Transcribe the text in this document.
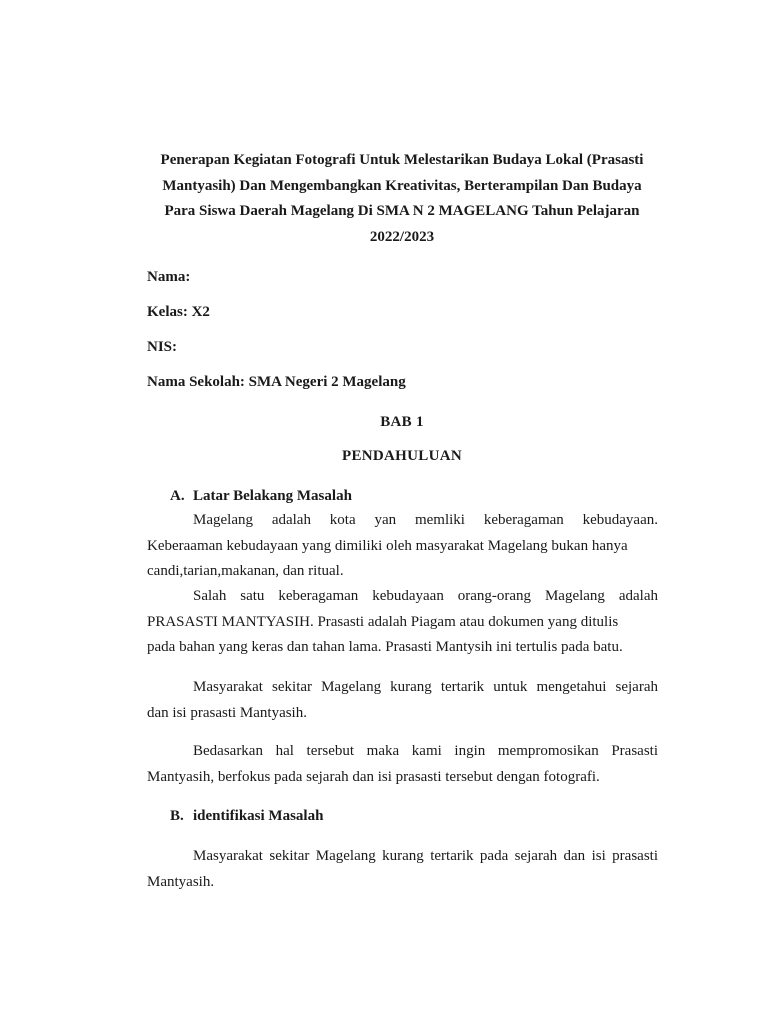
Penerapan Kegiatan Fotografi Untuk Melestarikan Budaya Lokal (Prasasti
Mantyasih) Dan Mengembangkan Kreativitas, Berterampilan Dan Budaya
Para Siswa Daerah Magelang Di SMA N 2 MAGELANG Tahun Pelajaran
2022/2023
Nama:
Kelas: X2
NIS:
Nama Sekolah: SMA Negeri 2 Magelang
BAB 1
PENDAHULUAN
A. Latar Belakang Masalah
Magelang adalah kota yan memliki keberagaman kebudayaan.
Keberaaman kebudayaan yang dimiliki oleh masyarakat Magelang bukan hanya
candi,tarian,makanan, dan ritual.
Salah satu keberagaman kebudayaan orang-orang Magelang adalah
PRASASTI MANTYASIH. Prasasti adalah Piagam atau dokumen yang ditulis
pada bahan yang keras dan tahan lama. Prasasti Mantysih ini tertulis pada batu.
Masyarakat sekitar Magelang kurang tertarik untuk mengetahui sejarah
dan isi prasasti Mantyasih.
Bedasarkan hal tersebut maka kami ingin mempromosikan Prasasti
Mantyasih, berfokus pada sejarah dan isi prasasti tersebut dengan fotografi.
B. identifikasi Masalah
Masyarakat sekitar Magelang kurang tertarik pada sejarah dan isi prasasti
Mantyasih.
